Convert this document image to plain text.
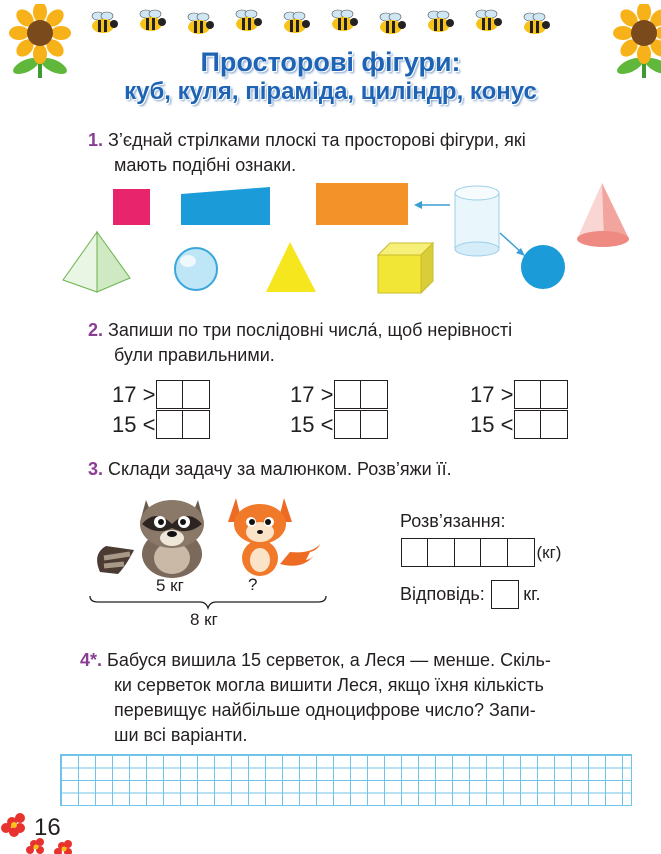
Просторові фігури:
куб, куля, піраміда, циліндр, конус
1. З’єднай стрілками плоскі та просторові фігури, які
мають подібні ознаки.
2. Запиши по три послідовні числа́, щоб нерівності
були правильними.
17 >	17 >	17 >
15 <	15 <	15 <
3. Склади задачу за малюнком. Розв’яжи її.
5 кг	?
8 кг
Розв’язання:
(кг)
Відповідь: кг.
4*. Бабуся вишила 15 серветок, а Леся — менше. Скіль-
ки серветок могла вишити Леся, якщо їхня кількість
перевищує найбільше одноцифрове число? Запи-
ши всі варіанти.
16
